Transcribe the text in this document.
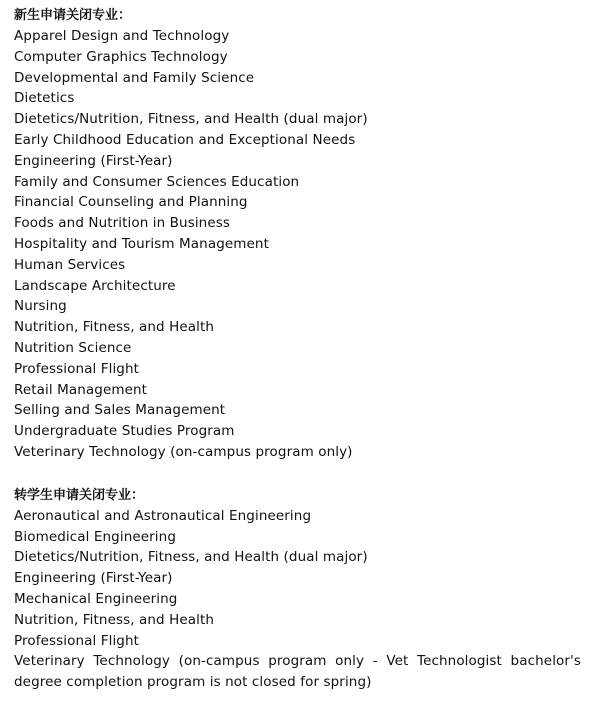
新生申请关闭专业：
Apparel Design and Technology
Computer Graphics Technology
Developmental and Family Science
Dietetics
Dietetics/Nutrition, Fitness, and Health (dual major)
Early Childhood Education and Exceptional Needs
Engineering (First-Year)
Family and Consumer Sciences Education
Financial Counseling and Planning
Foods and Nutrition in Business
Hospitality and Tourism Management
Human Services
Landscape Architecture
Nursing
Nutrition, Fitness, and Health
Nutrition Science
Professional Flight
Retail Management
Selling and Sales Management
Undergraduate Studies Program
Veterinary Technology (on-campus program only)
转学生申请关闭专业：
Aeronautical and Astronautical Engineering
Biomedical Engineering
Dietetics/Nutrition, Fitness, and Health (dual major)
Engineering (First-Year)
Mechanical Engineering
Nutrition, Fitness, and Health
Professional Flight
Veterinary Technology (on-campus program only - Vet Technologist bachelor's degree completion program is not closed for spring)
